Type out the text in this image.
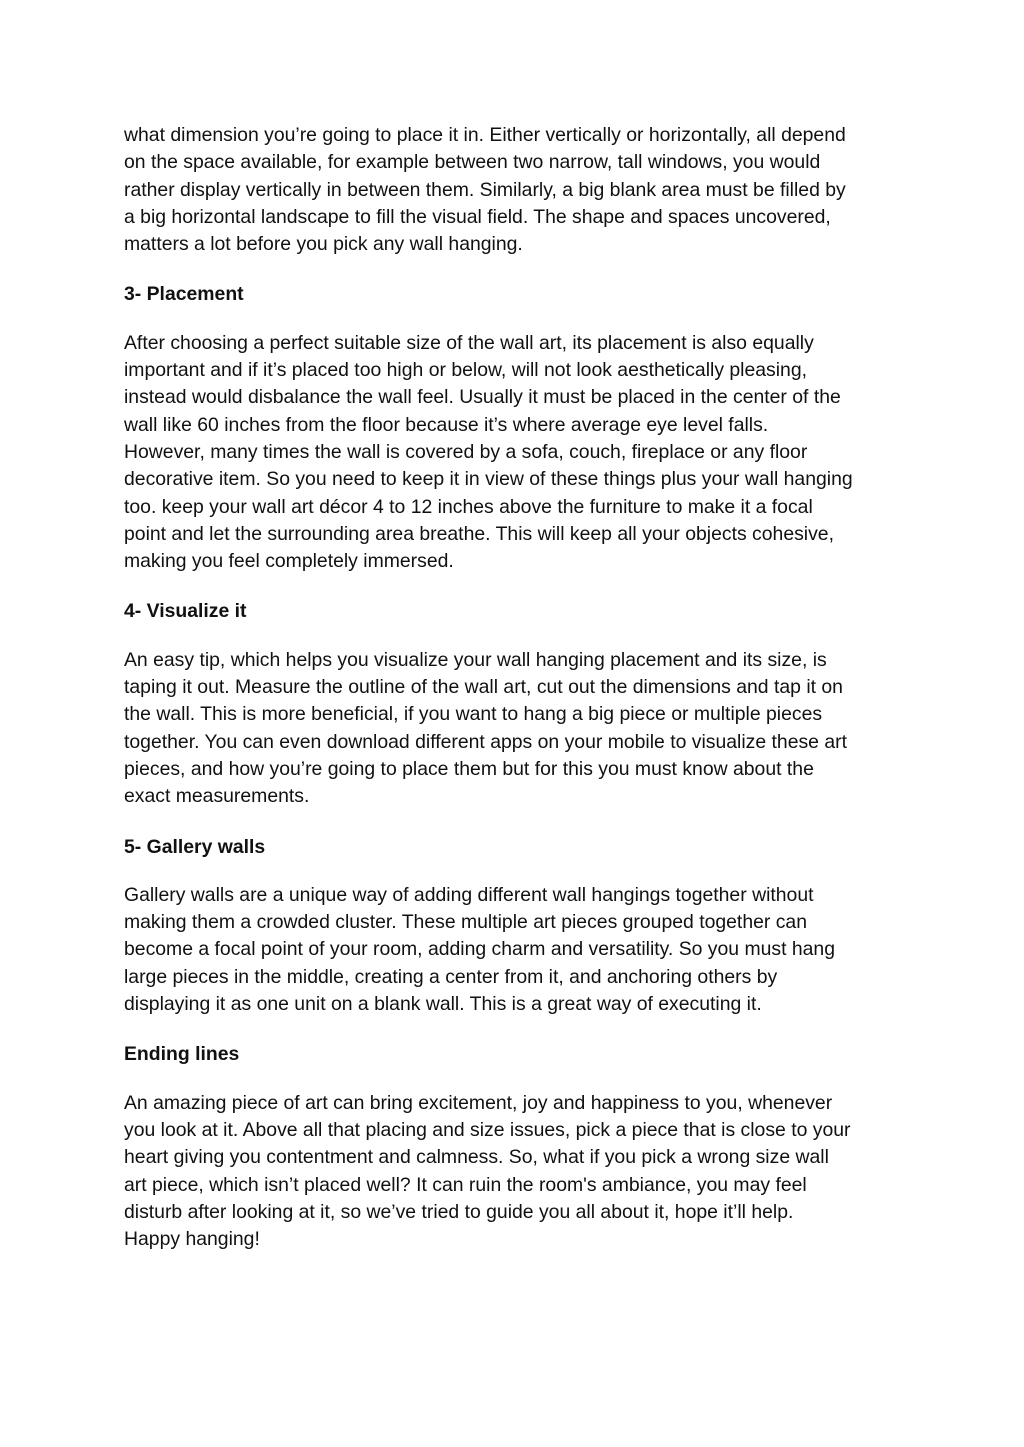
what dimension you’re going to place it in. Either vertically or horizontally, all depend
on the space available, for example between two narrow, tall windows, you would
rather display vertically in between them. Similarly, a big blank area must be filled by
a big horizontal landscape to fill the visual field. The shape and spaces uncovered,
matters a lot before you pick any wall hanging.

3- Placement

After choosing a perfect suitable size of the wall art, its placement is also equally
important and if it’s placed too high or below, will not look aesthetically pleasing,
instead would disbalance the wall feel. Usually it must be placed in the center of the
wall like 60 inches from the floor because it’s where average eye level falls.
However, many times the wall is covered by a sofa, couch, fireplace or any floor
decorative item. So you need to keep it in view of these things plus your wall hanging
too. keep your wall art décor 4 to 12 inches above the furniture to make it a focal
point and let the surrounding area breathe. This will keep all your objects cohesive,
making you feel completely immersed.

4- Visualize it

An easy tip, which helps you visualize your wall hanging placement and its size, is
taping it out. Measure the outline of the wall art, cut out the dimensions and tap it on
the wall. This is more beneficial, if you want to hang a big piece or multiple pieces
together. You can even download different apps on your mobile to visualize these art
pieces, and how you’re going to place them but for this you must know about the
exact measurements.

5- Gallery walls

Gallery walls are a unique way of adding different wall hangings together without
making them a crowded cluster. These multiple art pieces grouped together can
become a focal point of your room, adding charm and versatility. So you must hang
large pieces in the middle, creating a center from it, and anchoring others by
displaying it as one unit on a blank wall. This is a great way of executing it.

Ending lines

An amazing piece of art can bring excitement, joy and happiness to you, whenever
you look at it. Above all that placing and size issues, pick a piece that is close to your
heart giving you contentment and calmness. So, what if you pick a wrong size wall
art piece, which isn’t placed well? It can ruin the room's ambiance, you may feel
disturb after looking at it, so we’ve tried to guide you all about it, hope it’ll help.
Happy hanging!
